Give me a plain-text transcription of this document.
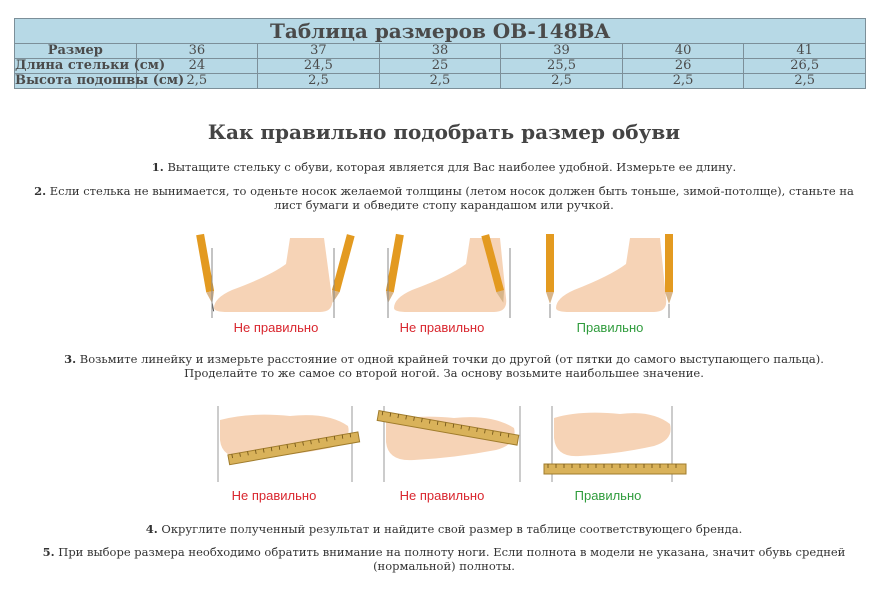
Таблица размеров OB-148BA						
Размер	36	37	38	39	40	41
Длина стельки (см)	24	24,5	25	25,5	26	26,5
Высота подошвы (см)	2,5	2,5	2,5	2,5	2,5	2,5
Как правильно подобрать размер обуви

1. Вытащите стельку с обуви, которая является для Вас наиболее удобной. Измерьте ее длину.

2. Если стелька не вынимается, то оденьте носок желаемой толщины (летом носок должен быть тоньше, зимой-потолще), станьте на лист бумаги и обведите стопу карандашом или ручкой.

Не правильно	Не правильно	Правильно

3. Возьмите линейку и измерьте расстояние от одной крайней точки до другой (от пятки до самого выступающего пальца). Проделайте то же самое со второй ногой. За основу возьмите наибольшее значение.

Не правильно	Не правильно	Правильно

4. Округлите полученный результат и найдите свой размер в таблице соответствующего бренда.

5. При выборе размера необходимо обратить внимание на полноту ноги. Если полнота в модели не указана, значит обувь средней (нормальной) полноты.
